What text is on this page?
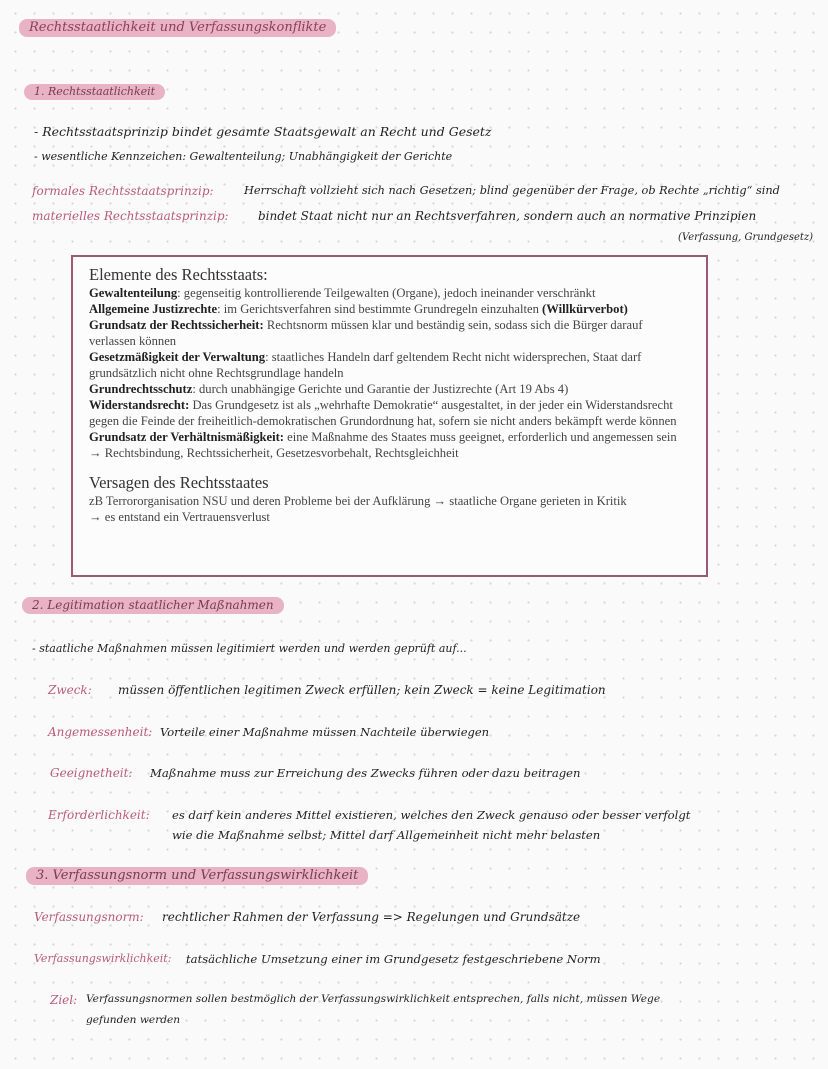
Rechtsstaatlichkeit und Verfassungskonflikte
1. Rechtsstaatlichkeit
- Rechtsstaatsprinzip bindet gesamte Staatsgewalt an Recht und Gesetz
- wesentliche Kennzeichen: Gewaltenteilung; Unabhängigkeit der Gerichte
formales Rechtsstaatsprinzip:	Herrschaft vollzieht sich nach Gesetzen; blind gegenüber der Frage, ob Rechte „richtig“ sind
materielles Rechtsstaatsprinzip: bindet Staat nicht nur an Rechtsverfahren, sondern auch an normative Prinzipien
(Verfassung, Grundgesetz)
Elemente des Rechtsstaats:

Gewaltenteilung: gegenseitig kontrollierende Teilgewalten (Organe), jedoch ineinander verschränkt

Allgemeine Justizrechte: im Gerichtsverfahren sind bestimmte Grundregeln einzuhalten (Willkürverbot)

Grundsatz der Rechtssicherheit: Rechtsnorm müssen klar und beständig sein, sodass sich die Bürger darauf verlassen können

Gesetzmäßigkeit der Verwaltung: staatliches Handeln darf geltendem Recht nicht widersprechen, Staat darf grundsätzlich nicht ohne Rechtsgrundlage handeln

Grundrechtsschutz: durch unabhängige Gerichte und Garantie der Justizrechte (Art 19 Abs 4)

Widerstandsrecht: Das Grundgesetz ist als „wehrhafte Demokratie“ ausgestaltet, in der jeder ein Widerstandsrecht gegen die Feinde der freiheitlich-demokratischen Grundordnung hat, sofern sie nicht anders bekämpft werde können

Grundsatz der Verhältnismäßigkeit: eine Maßnahme des Staates muss geeignet, erforderlich und angemessen sein

→ Rechtsbindung, Rechtssicherheit, Gesetzesvorbehalt, Rechtsgleichheit

Versagen des Rechtsstaates

zB Terrororganisation NSU und deren Probleme bei der Aufklärung → staatliche Organe gerieten in Kritik

→ es entstand ein Vertrauensverlust

2. Legitimation staatlicher Maßnahmen
- staatliche Maßnahmen müssen legitimiert werden und werden geprüft auf...
Zweck: müssen öffentlichen legitimen Zweck erfüllen; kein Zweck = keine Legitimation
Angemessenheit: Vorteile einer Maßnahme müssen Nachteile überwiegen
Geeignetheit: Maßnahme muss zur Erreichung des Zwecks führen oder dazu beitragen
Erforderlichkeit: es darf kein anderes Mittel existieren, welches den Zweck genauso oder besser verfolgt
wie die Maßnahme selbst; Mittel darf Allgemeinheit nicht mehr belasten
3. Verfassungsnorm und Verfassungswirklichkeit
Verfassungsnorm: rechtlicher Rahmen der Verfassung => Regelungen und Grundsätze
Verfassungswirklichkeit: tatsächliche Umsetzung einer im Grundgesetz festgeschriebene Norm
Ziel: Verfassungsnormen sollen bestmöglich der Verfassungswirklichkeit entsprechen, falls nicht, müssen Wege
gefunden werden
